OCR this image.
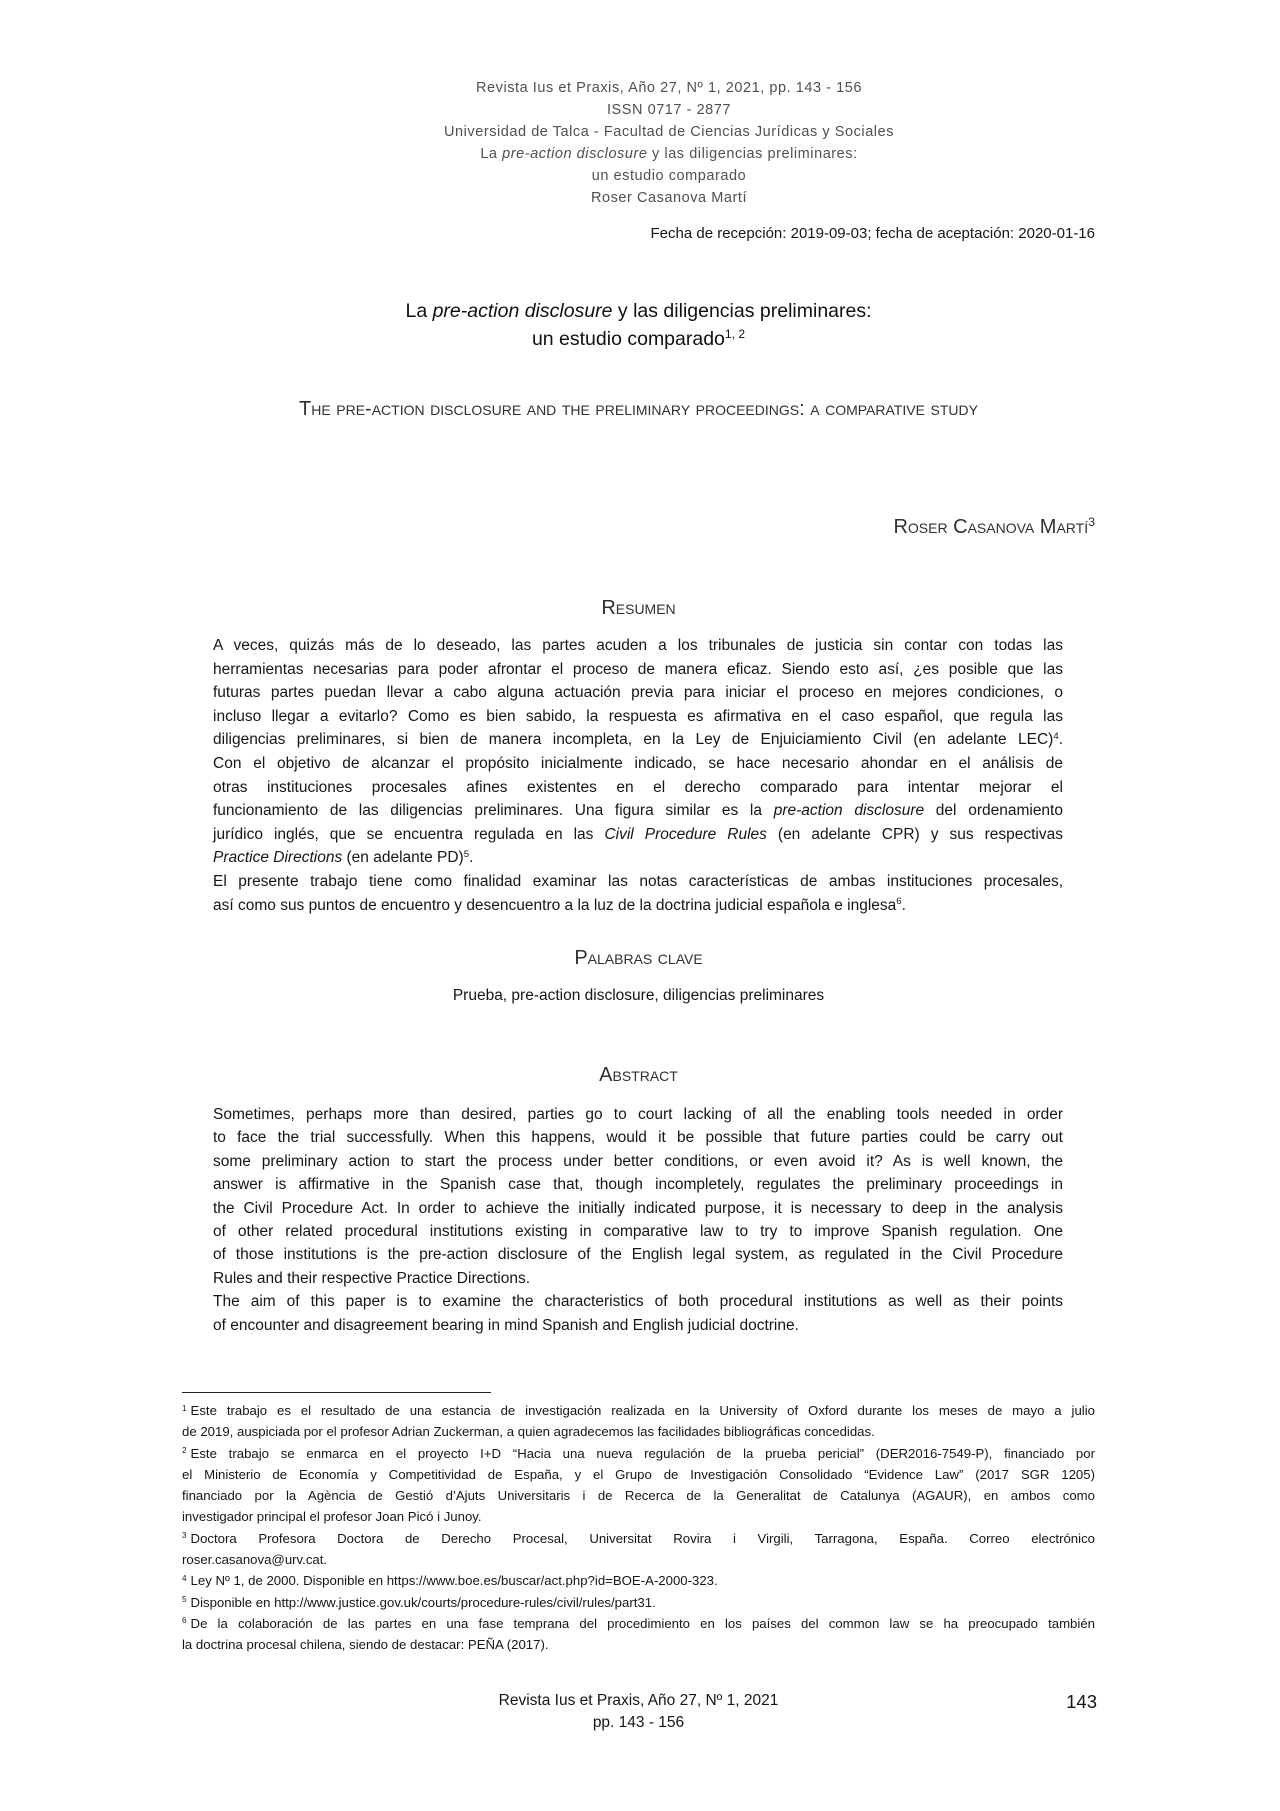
Revista Ius et Praxis, Año 27, Nº 1, 2021, pp. 143 - 156
ISSN 0717 - 2877
Universidad de Talca - Facultad de Ciencias Jurídicas y Sociales
La pre-action disclosure y las diligencias preliminares:
un estudio comparado
Roser Casanova Martí
Fecha de recepción: 2019-09-03; fecha de aceptación: 2020-01-16
La pre-action disclosure y las diligencias preliminares:
un estudio comparado$^{1, 2}$
The pre-action disclosure and the preliminary proceedings: a comparative study
Roser Casanova Martí$^3$
Resumen
A veces, quizás más de lo deseado, las partes acuden a los tribunales de justicia sin contar con todas las
herramientas necesarias para poder afrontar el proceso de manera eficaz. Siendo esto así, ¿es posible que las
futuras partes puedan llevar a cabo alguna actuación previa para iniciar el proceso en mejores condiciones, o
incluso llegar a evitarlo? Como es bien sabido, la respuesta es afirmativa en el caso español, que regula las
diligencias preliminares, si bien de manera incompleta, en la Ley de Enjuiciamiento Civil (en adelante LEC)$^4$.
Con el objetivo de alcanzar el propósito inicialmente indicado, se hace necesario ahondar en el análisis de
otras instituciones procesales afines existentes en el derecho comparado para intentar mejorar el
funcionamiento de las diligencias preliminares. Una figura similar es la pre-action disclosure del ordenamiento
jurídico inglés, que se encuentra regulada en las Civil Procedure Rules (en adelante CPR) y sus respectivas
Practice Directions (en adelante PD)$^5$.
El presente trabajo tiene como finalidad examinar las notas características de ambas instituciones procesales,
así como sus puntos de encuentro y desencuentro a la luz de la doctrina judicial española e inglesa$^6$.
Palabras clave
Prueba, pre-action disclosure, diligencias preliminares
Abstract
Sometimes, perhaps more than desired, parties go to court lacking of all the enabling tools needed in order
to face the trial successfully. When this happens, would it be possible that future parties could be carry out
some preliminary action to start the process under better conditions, or even avoid it? As is well known, the
answer is affirmative in the Spanish case that, though incompletely, regulates the preliminary proceedings in
the Civil Procedure Act. In order to achieve the initially indicated purpose, it is necessary to deep in the analysis
of other related procedural institutions existing in comparative law to try to improve Spanish regulation. One
of those institutions is the pre-action disclosure of the English legal system, as regulated in the Civil Procedure
Rules and their respective Practice Directions.
The aim of this paper is to examine the characteristics of both procedural institutions as well as their points
of encounter and disagreement bearing in mind Spanish and English judicial doctrine.
$^1$ Este trabajo es el resultado de una estancia de investigación realizada en la University of Oxford durante los meses de mayo a julio
de 2019, auspiciada por el profesor Adrian Zuckerman, a quien agradecemos las facilidades bibliográficas concedidas.
$^2$ Este trabajo se enmarca en el proyecto I+D “Hacia una nueva regulación de la prueba pericial” (DER2016-7549-P), financiado por
el Ministerio de Economía y Competitividad de España, y el Grupo de Investigación Consolidado “Evidence Law” (2017 SGR 1205)
financiado por la Agència de Gestió d’Ajuts Universitaris i de Recerca de la Generalitat de Catalunya (AGAUR), en ambos como
investigador principal el profesor Joan Picó i Junoy.
$^3$ Doctora Profesora Doctora de Derecho Procesal, Universitat Rovira i Virgili, Tarragona, España. Correo electrónico
roser.casanova@urv.cat.
$^4$ Ley Nº 1, de 2000. Disponible en https://www.boe.es/buscar/act.php?id=BOE-A-2000-323.
$^5$ Disponible en http://www.justice.gov.uk/courts/procedure-rules/civil/rules/part31.
$^6$ De la colaboración de las partes en una fase temprana del procedimiento en los países del common law se ha preocupado también
la doctrina procesal chilena, siendo de destacar: PEÑA (2017).
Revista Ius et Praxis, Año 27, Nº 1, 2021
pp. 143 - 156
143
